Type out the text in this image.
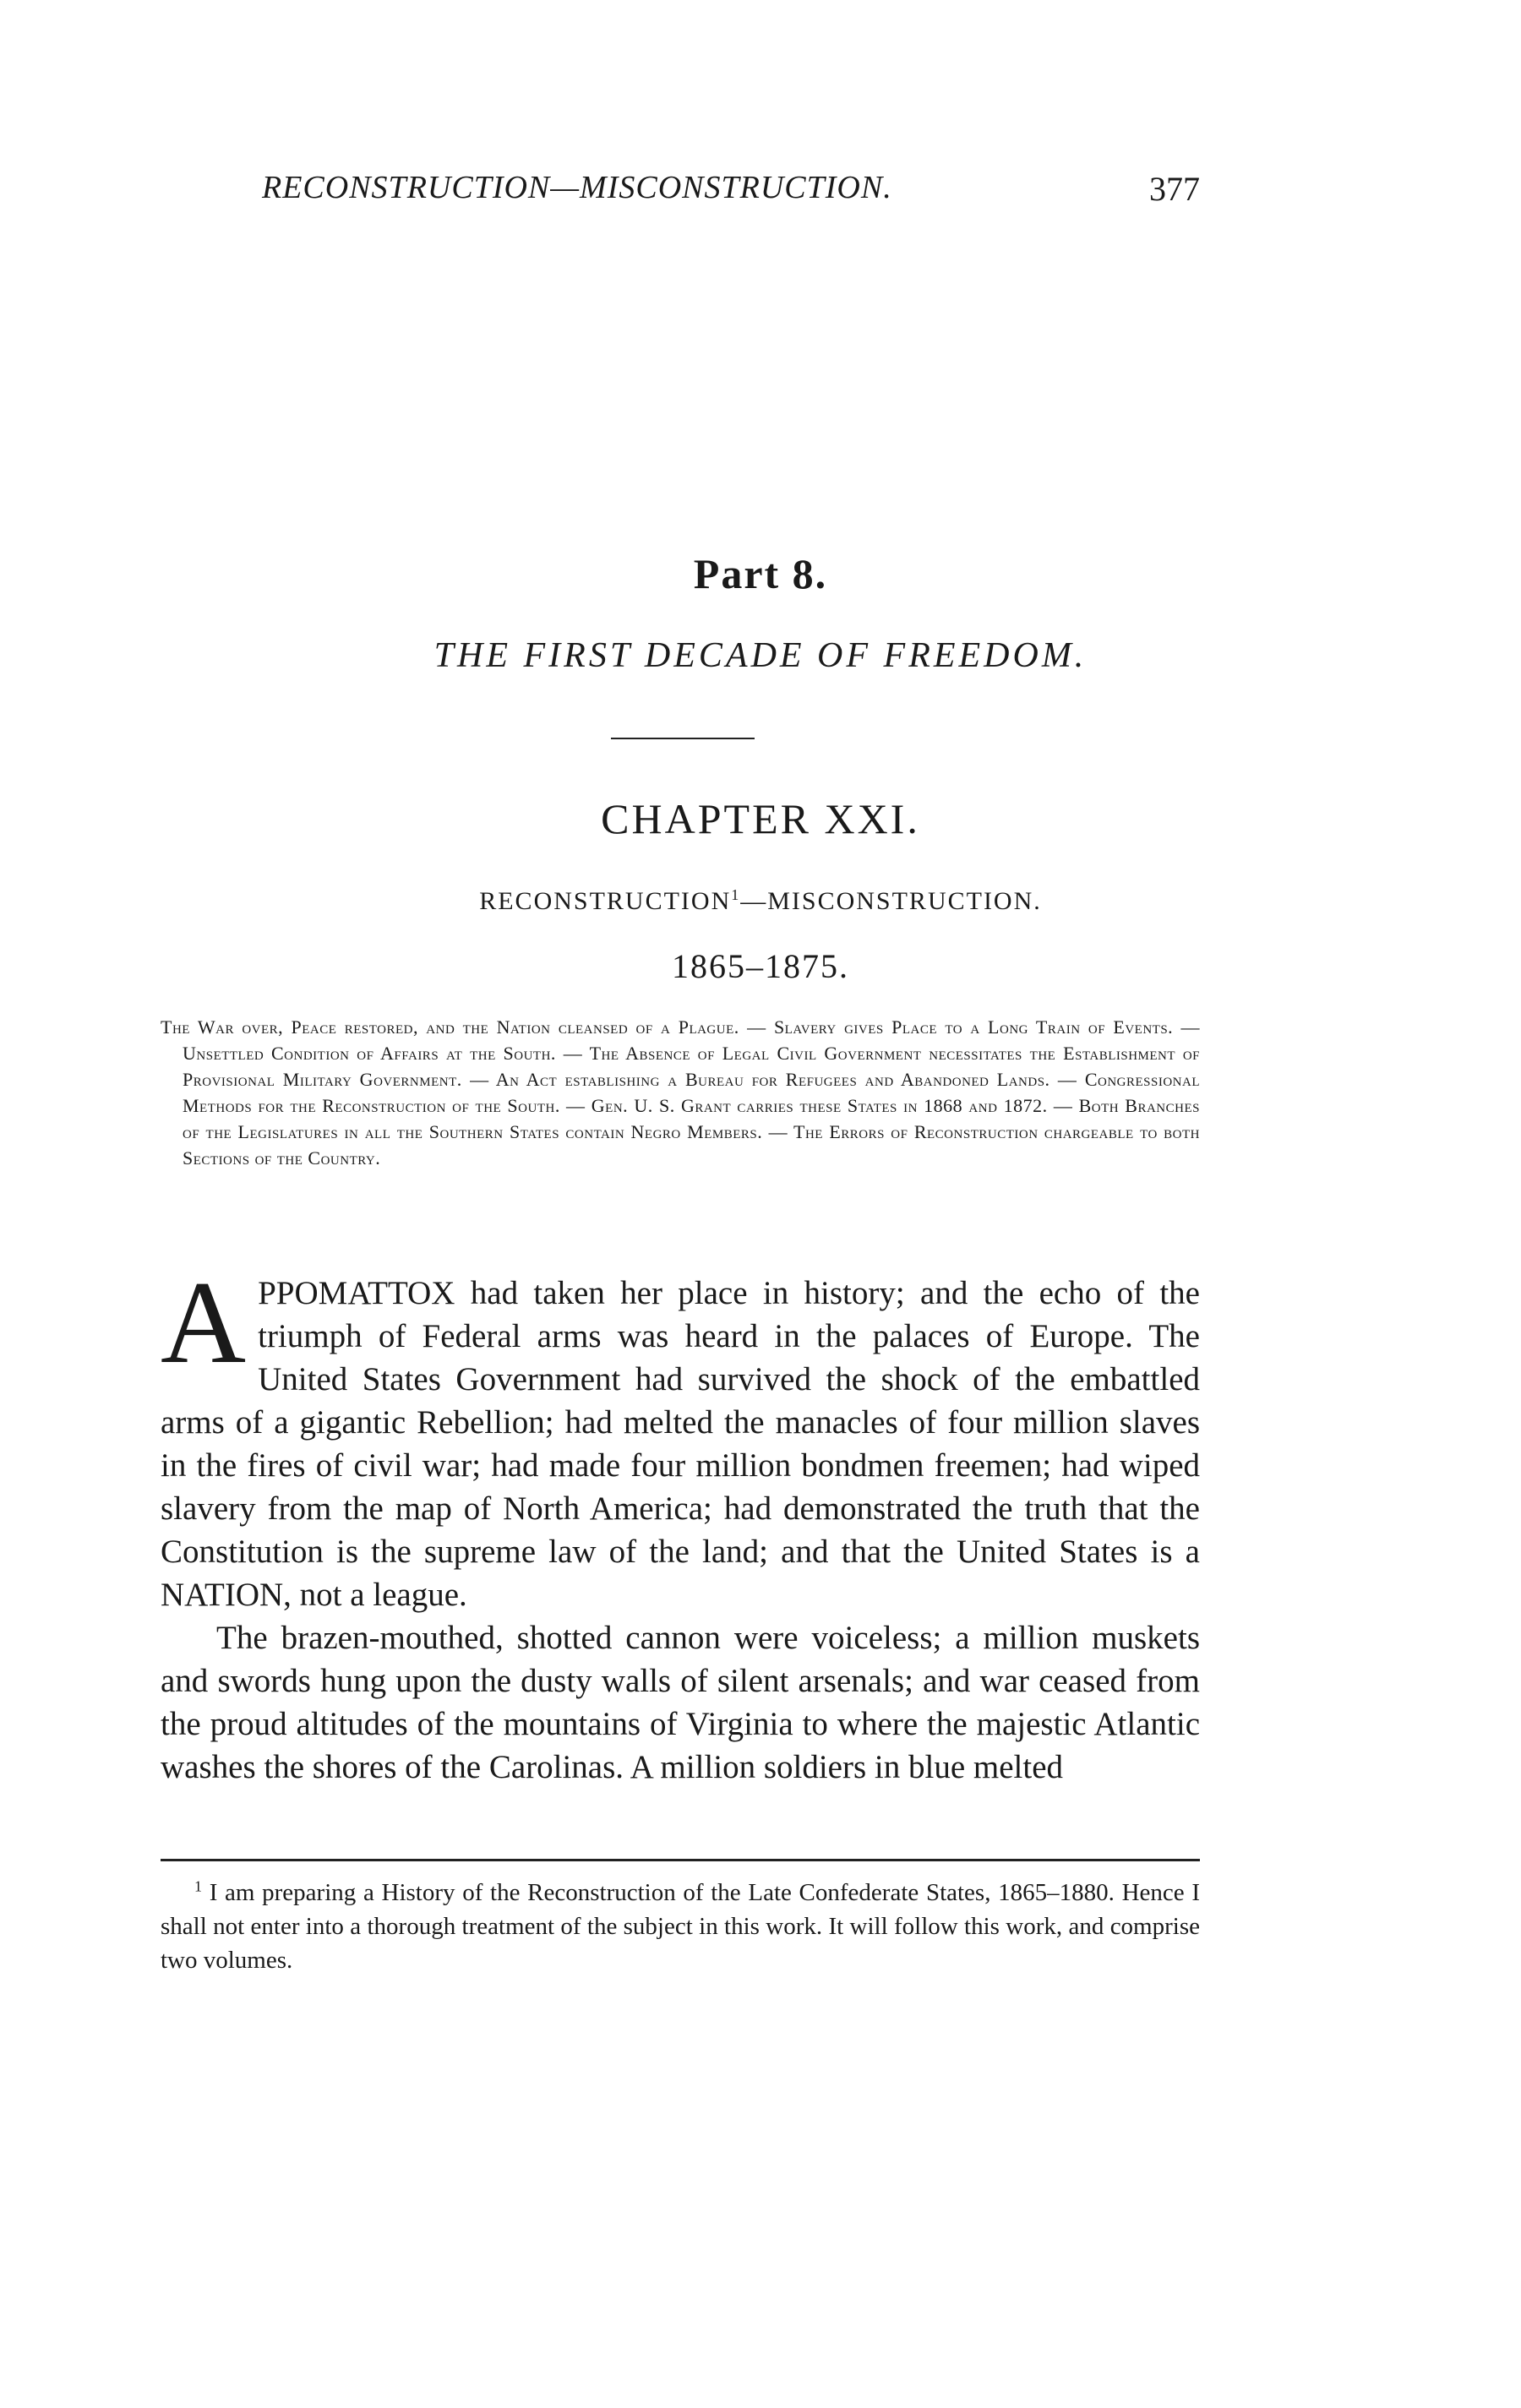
RECONSTRUCTION—MISCONSTRUCTION.	377
Part 8.
THE FIRST DECADE OF FREEDOM.
CHAPTER XXI.
RECONSTRUCTION$^1$—MISCONSTRUCTION.
1865–1875.
The War over, Peace restored, and the Nation cleansed of a Plague. — Slavery gives Place to a Long Train of Events. — Unsettled Condition of Affairs at the South. — The Absence of Legal Civil Government necessitates the Establishment of Provisional Military Government. — An Act establishing a Bureau for Refugees and Abandoned Lands. — Congressional Methods for the Reconstruction of the South. — Gen. U. S. Grant carries these States in 1868 and 1872. — Both Branches of the Legislatures in all the Southern States contain Negro Members. — The Errors of Reconstruction chargeable to both Sections of the Country.

APPOMATTOX had taken her place in history; and the echo of the triumph of Federal arms was heard in the palaces of Europe. The United States Government had survived the shock of the embattled arms of a gigantic Rebellion; had melted the manacles of four million slaves in the fires of civil war; had made four million bondmen freemen; had wiped slavery from the map of North America; had demonstrated the truth that the Constitution is the supreme law of the land; and that the United States is a NATION, not a league.

The brazen-mouthed, shotted cannon were voiceless; a million muskets and swords hung upon the dusty walls of silent arsenals; and war ceased from the proud altitudes of the mountains of Virginia to where the majestic Atlantic washes the shores of the Carolinas. A million soldiers in blue melted

$^1$ I am preparing a History of the Reconstruction of the Late Confederate States, 1865–1880. Hence I shall not enter into a thorough treatment of the subject in this work. It will follow this work, and comprise two volumes.
